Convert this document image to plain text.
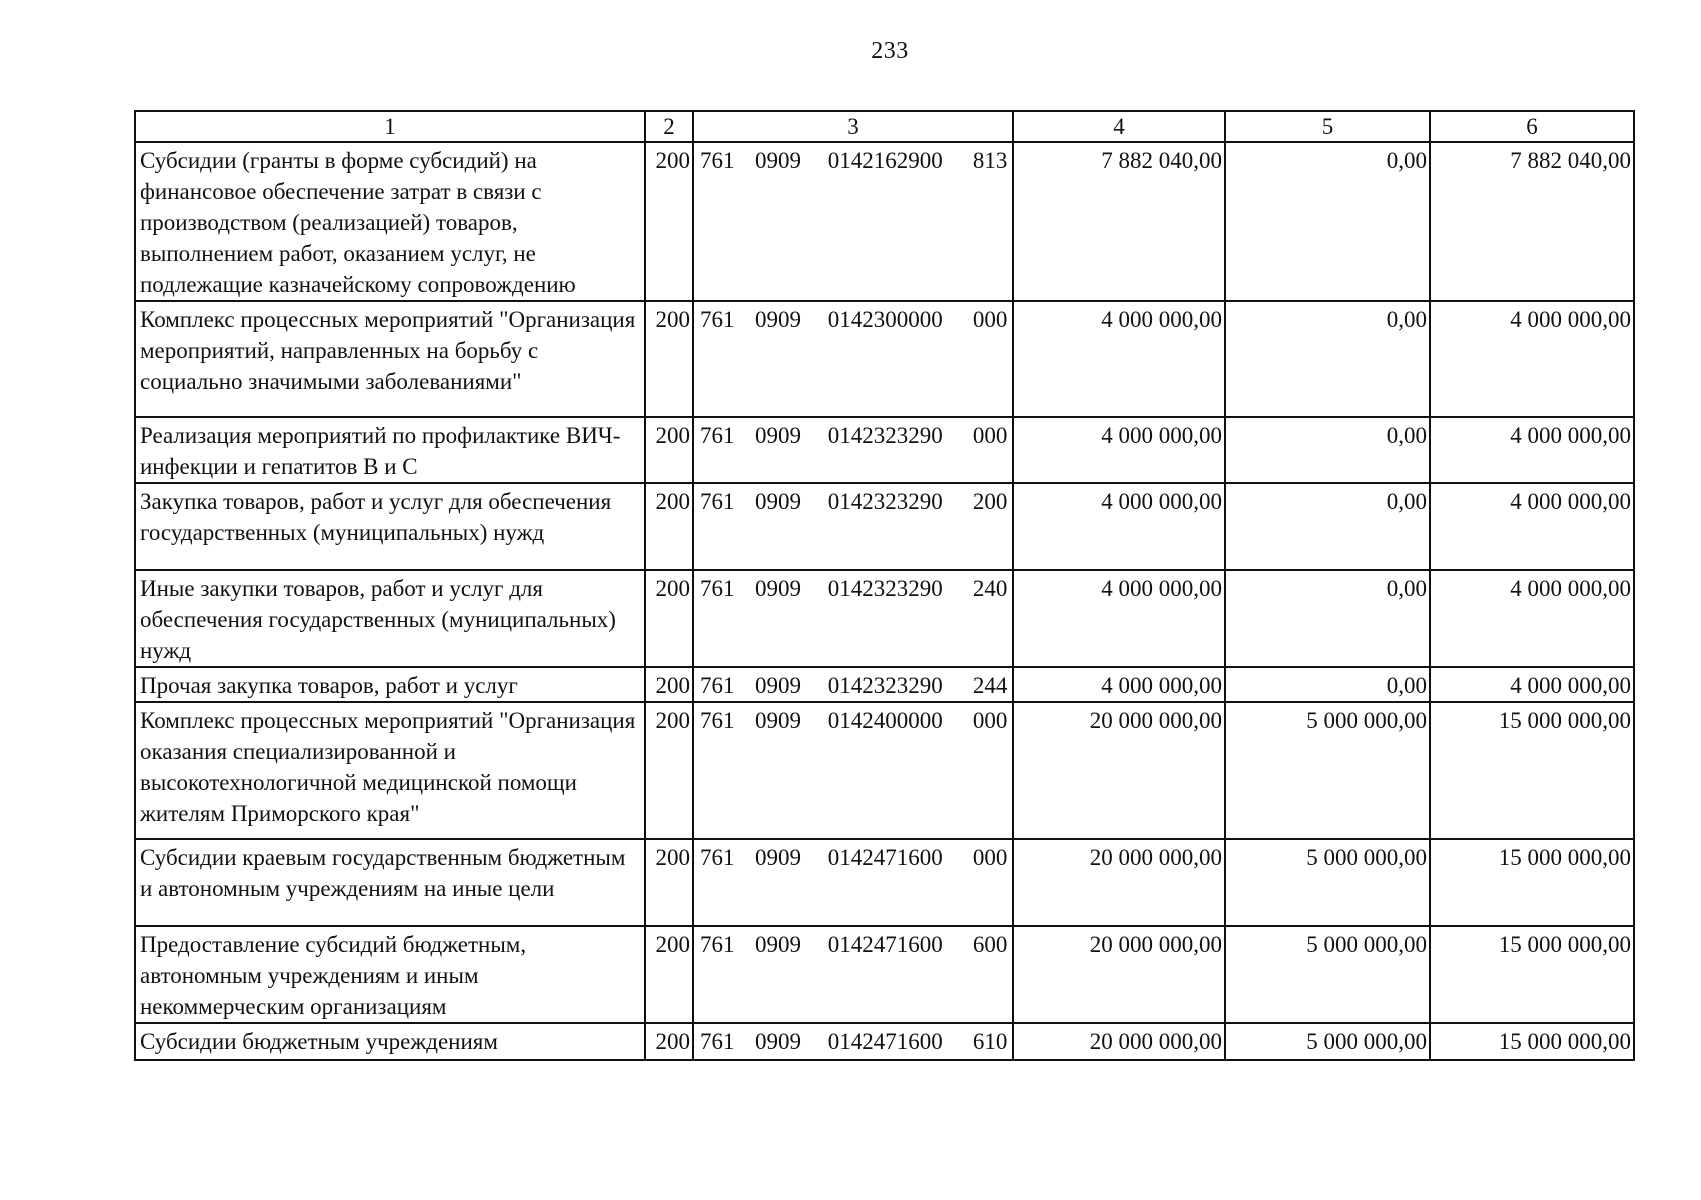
233
1	2	3	4	5	6
Субсидии (гранты в форме субсидий) на финансовое обеспечение затрат в связи с производством (реализацией) товаров, выполнением работ, оказанием услуг, не подлежащие казначейскому сопровождению	200	761 0909 0142162900 813	7 882 040,00	0,00	7 882 040,00
Комплекс процессных мероприятий "Организация мероприятий, направленных на борьбу с социально значимыми заболеваниями"	200	761 0909 0142300000 000	4 000 000,00	0,00	4 000 000,00
Реализация мероприятий по профилактике ВИЧ-инфекции и гепатитов В и С	200	761 0909 0142323290 000	4 000 000,00	0,00	4 000 000,00
Закупка товаров, работ и услуг для обеспечения государственных (муниципальных) нужд	200	761 0909 0142323290 200	4 000 000,00	0,00	4 000 000,00
Иные закупки товаров, работ и услуг для обеспечения государственных (муниципальных) нужд	200	761 0909 0142323290 240	4 000 000,00	0,00	4 000 000,00
Прочая закупка товаров, работ и услуг	200	761 0909 0142323290 244	4 000 000,00	0,00	4 000 000,00
Комплекс процессных мероприятий "Организация оказания специализированной и высокотехнологичной медицинской помощи жителям Приморского края"	200	761 0909 0142400000 000	20 000 000,00	5 000 000,00	15 000 000,00
Субсидии краевым государственным бюджетным и автономным учреждениям на иные цели	200	761 0909 0142471600 000	20 000 000,00	5 000 000,00	15 000 000,00
Предоставление субсидий бюджетным, автономным учреждениям и иным некоммерческим организациям	200	761 0909 0142471600 600	20 000 000,00	5 000 000,00	15 000 000,00
Субсидии бюджетным учреждениям	200	761 0909 0142471600 610	20 000 000,00	5 000 000,00	15 000 000,00
